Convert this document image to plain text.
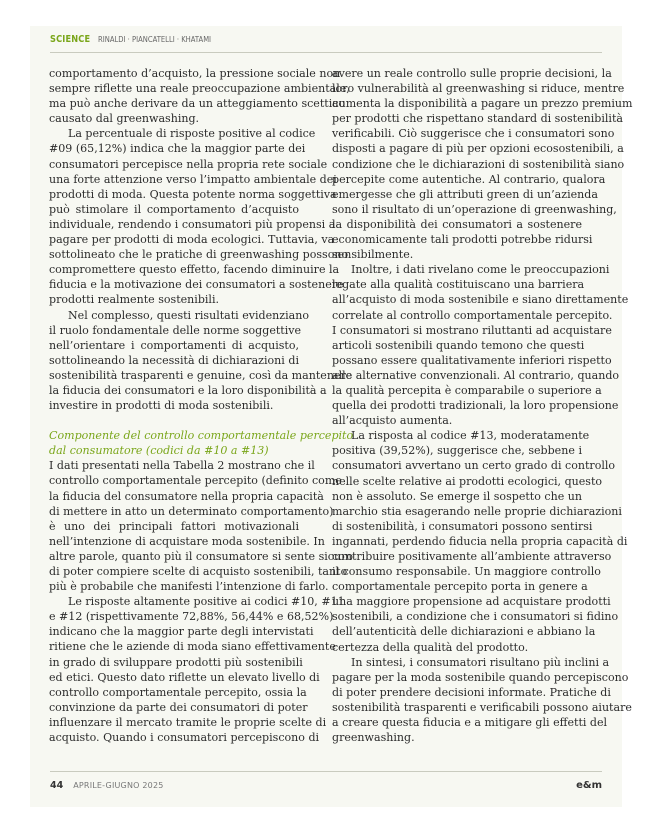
SCIENCE RINALDI · PIANCATELLI · KHATAMI
comportamento d’acquisto, la pressione sociale non
sempre riflette una reale preoccupazione ambientale,
ma può anche derivare da un atteggiamento scettico
causato dal greenwashing.
La percentuale di risposte positive al codice
#09 (65,12%) indica che la maggior parte dei
consumatori percepisce nella propria rete sociale
una forte attenzione verso l’impatto ambientale dei
prodotti di moda. Questa potente norma soggettiva
può stimolare il comportamento d’acquisto
individuale, rendendo i consumatori più propensi a
pagare per prodotti di moda ecologici. Tuttavia, va
sottolineato che le pratiche di greenwashing possono
compromettere questo effetto, facendo diminuire la
fiducia e la motivazione dei consumatori a sostenere
prodotti realmente sostenibili.
Nel complesso, questi risultati evidenziano
il ruolo fondamentale delle norme soggettive
nell’orientare i comportamenti di acquisto,
sottolineando la necessità di dichiarazioni di
sostenibilità trasparenti e genuine, così da mantenere
la fiducia dei consumatori e la loro disponibilità a
investire in prodotti di moda sostenibili.
Componente del controllo comportamentale percepito
dal consumatore (codici da #10 a #13)
I dati presentati nella Tabella 2 mostrano che il
controllo comportamentale percepito (definito come
la fiducia del consumatore nella propria capacità
di mettere in atto un determinato comportamento)
è uno dei principali fattori motivazionali
nell’intenzione di acquistare moda sostenibile. In
altre parole, quanto più il consumatore si sente sicuro
di poter compiere scelte di acquisto sostenibili, tanto
più è probabile che manifesti l’intenzione di farlo.
Le risposte altamente positive ai codici #10, #11
e #12 (rispettivamente 72,88%, 56,44% e 68,52%)
indicano che la maggior parte degli intervistati
ritiene che le aziende di moda siano effettivamente
in grado di sviluppare prodotti più sostenibili
ed etici. Questo dato riflette un elevato livello di
controllo comportamentale percepito, ossia la
convinzione da parte dei consumatori di poter
influenzare il mercato tramite le proprie scelte di
acquisto. Quando i consumatori percepiscono di
avere un reale controllo sulle proprie decisioni, la
loro vulnerabilità al greenwashing si riduce, mentre
aumenta la disponibilità a pagare un prezzo premium
per prodotti che rispettano standard di sostenibilità
verificabili. Ciò suggerisce che i consumatori sono
disposti a pagare di più per opzioni ecosostenibili, a
condizione che le dichiarazioni di sostenibilità siano
percepite come autentiche. Al contrario, qualora
emergesse che gli attributi green di un’azienda
sono il risultato di un’operazione di greenwashing,
la disponibilità dei consumatori a sostenere
economicamente tali prodotti potrebbe ridursi
sensibilmente.
Inoltre, i dati rivelano come le preoccupazioni
legate alla qualità costituiscano una barriera
all’acquisto di moda sostenibile e siano direttamente
correlate al controllo comportamentale percepito.
I consumatori si mostrano riluttanti ad acquistare
articoli sostenibili quando temono che questi
possano essere qualitativamente inferiori rispetto
alle alternative convenzionali. Al contrario, quando
la qualità percepita è comparabile o superiore a
quella dei prodotti tradizionali, la loro propensione
all’acquisto aumenta.
La risposta al codice #13, moderatamente
positiva (39,52%), suggerisce che, sebbene i
consumatori avvertano un certo grado di controllo
nelle scelte relative ai prodotti ecologici, questo
non è assoluto. Se emerge il sospetto che un
marchio stia esagerando nelle proprie dichiarazioni
di sostenibilità, i consumatori possono sentirsi
ingannati, perdendo fiducia nella propria capacità di
contribuire positivamente all’ambiente attraverso
il consumo responsabile. Un maggiore controllo
comportamentale percepito porta in genere a
una maggiore propensione ad acquistare prodotti
sostenibili, a condizione che i consumatori si fidino
dell’autenticità delle dichiarazioni e abbiano la
certezza della qualità del prodotto.
In sintesi, i consumatori risultano più inclini a
pagare per la moda sostenibile quando percepiscono
di poter prendere decisioni informate. Pratiche di
sostenibilità trasparenti e verificabili possono aiutare
a creare questa fiducia e a mitigare gli effetti del
greenwashing.
44 APRILE-GIUGNO 2025	e&m
